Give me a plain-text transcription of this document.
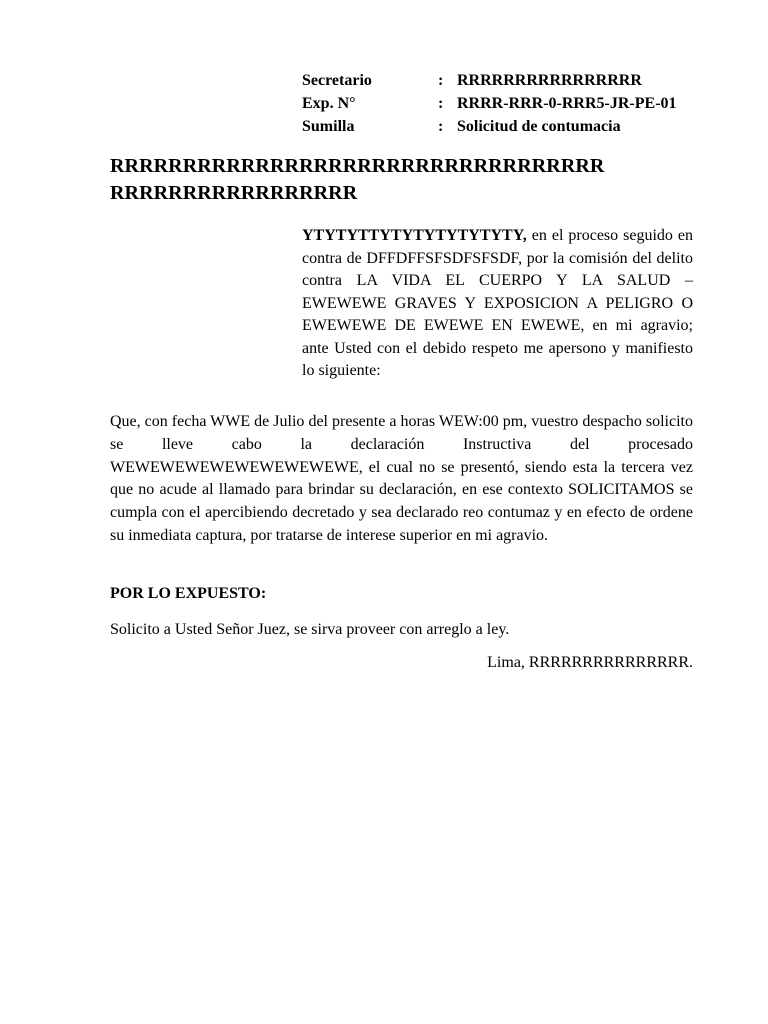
Secretario	: RRRRRRRRRRRRRRRR
Exp. N°	: RRRR-RRR-0-RRR5-JR-PE-01
Sumilla	: Solicitud de contumacia
RRRRRRRRRRRRRRRRRRRRRRRRRRRRRRRRRR
RRRRRRRRRRRRRRRRR
YTYTYTTYTYTYTYTYTYTY, en el proceso seguido en contra de DFFDFFSFSDFSFSDF, por la comisión del delito contra LA VIDA EL CUERPO Y LA SALUD – EWEWEWE GRAVES Y EXPOSICION A PELIGRO O EWEWEWE DE EWEWE EN EWEWE, en mi agravio; ante Usted con el debido respeto me apersono y manifiesto lo siguiente:
Que, con fecha WWE de Julio del presente a horas WEW:00 pm, vuestro despacho solicito se lleve cabo la declaración Instructiva del procesado WEWEWEWEWEWEWEWEWEWE, el cual no se presentó, siendo esta la tercera vez que no acude al llamado para brindar su declaración, en ese contexto SOLICITAMOS se cumpla con el apercibiendo decretado y sea declarado reo contumaz y en efecto de ordene su inmediata captura, por tratarse de interese superior en mi agravio.
POR LO EXPUESTO:
Solicito a Usted Señor Juez, se sirva proveer con arreglo a ley.
Lima, RRRRRRRRRRRRRRR.
